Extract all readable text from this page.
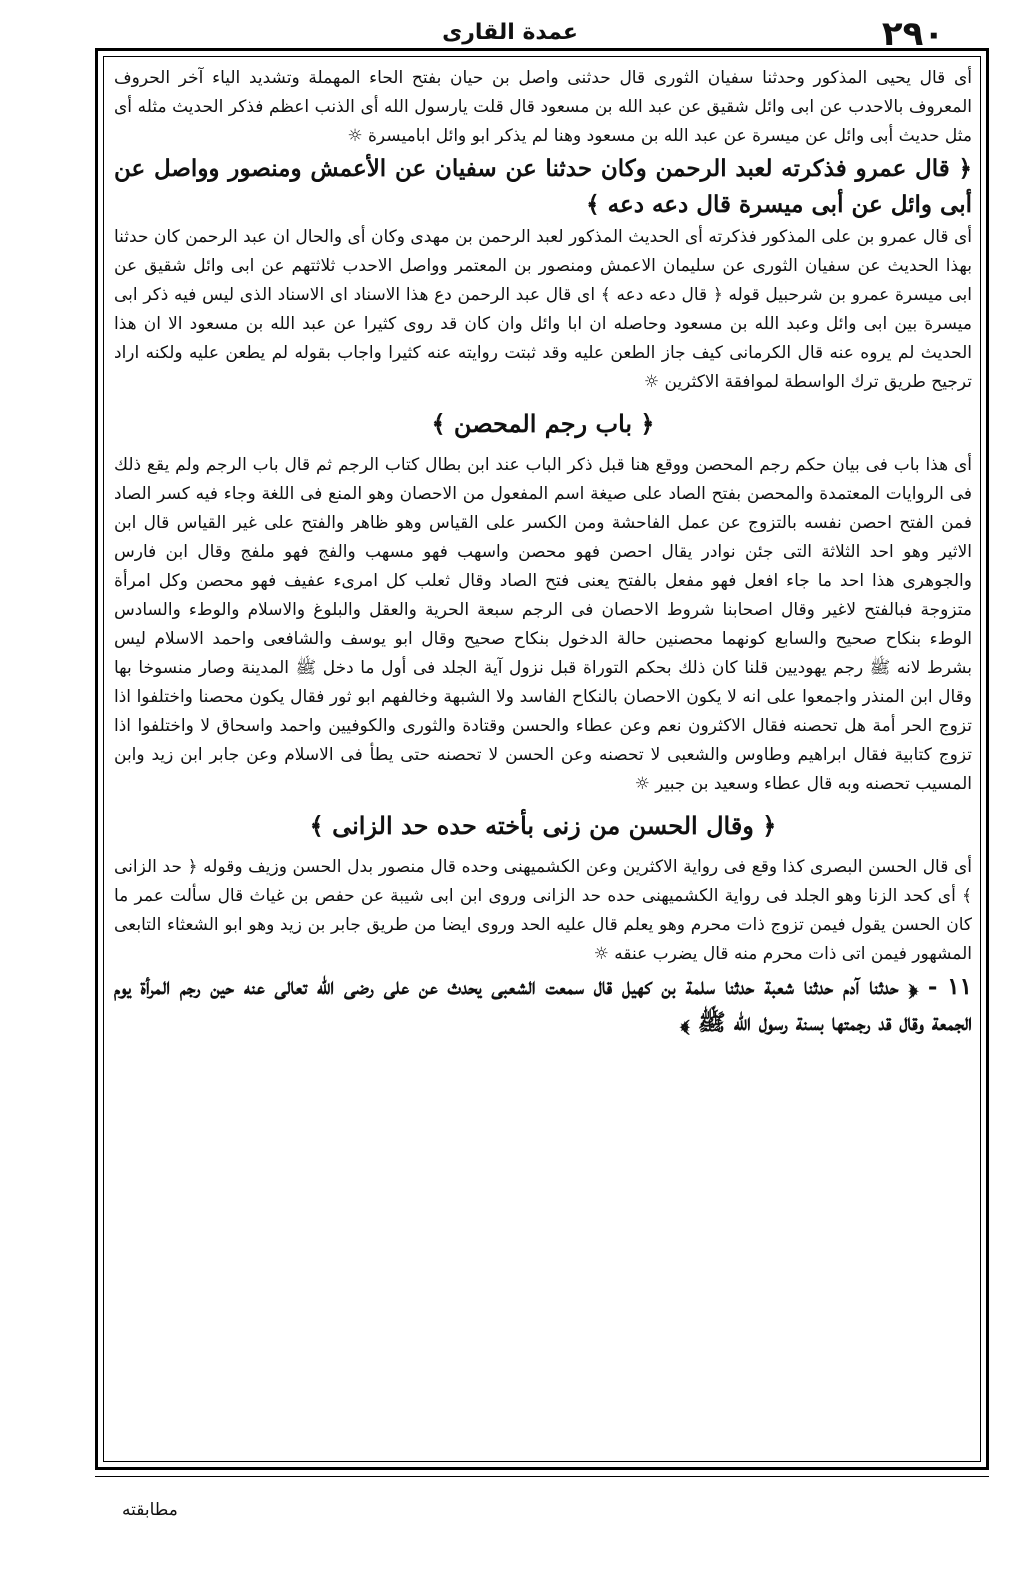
٢٩٠
عمدة القارى

أى قال يحيى المذكور وحدثنا سفيان الثورى قال حدثنى واصل بن حيان بفتح الحاء المهملة وتشديد الياء آخر الحروف المعروف بالاحدب عن ابى وائل شقيق عن عبد الله بن مسعود قال قلت يارسول الله أى الذنب اعظم فذكر الحديث مثله أى مثل حديث أبى وائل عن ميسرة عن عبد الله بن مسعود وهنا لم يذكر ابو وائل اباميسرة ☼

﴿ قال عمرو فذكرته لعبد الرحمن وكان حدثنا عن سفيان عن الأعمش ومنصور وواصل عن أبى وائل عن أبى ميسرة قال دعه دعه ﴾

أى قال عمرو بن على المذكور فذكرته أى الحديث المذكور لعبد الرحمن بن مهدى وكان أى والحال ان عبد الرحمن كان حدثنا بهذا الحديث عن سفيان الثورى عن سليمان الاعمش ومنصور بن المعتمر وواصل الاحدب ثلاثتهم عن ابى وائل شقيق عن ابى ميسرة عمرو بن شرحبيل قوله ﴿ قال دعه دعه ﴾ اى قال عبد الرحمن دع هذا الاسناد اى الاسناد الذى ليس فيه ذكر ابى ميسرة بين ابى وائل وعبد الله بن مسعود وحاصله ان ابا وائل وان كان قد روى كثيرا عن عبد الله بن مسعود الا ان هذا الحديث لم يروه عنه قال الكرمانى كيف جاز الطعن عليه وقد ثبتت روايته عنه كثيرا واجاب بقوله لم يطعن عليه ولكنه اراد ترجيح طريق ترك الواسطة لموافقة الاكثرين ☼

﴿ باب رجم المحصن ﴾

أى هذا باب فى بيان حكم رجم المحصن ووقع هنا قبل ذكر الباب عند ابن بطال كتاب الرجم ثم قال باب الرجم ولم يقع ذلك فى الروايات المعتمدة والمحصن بفتح الصاد على صيغة اسم المفعول من الاحصان وهو المنع فى اللغة وجاء فيه كسر الصاد فمن الفتح احصن نفسه بالتزوج عن عمل الفاحشة ومن الكسر على القياس وهو ظاهر والفتح على غير القياس قال ابن الاثير وهو احد الثلاثة التى جئن نوادر يقال احصن فهو محصن واسهب فهو مسهب والفج فهو ملفج وقال ابن فارس والجوهرى هذا احد ما جاء افعل فهو مفعل بالفتح يعنى فتح الصاد وقال ثعلب كل امرىء عفيف فهو محصن وكل امرأة متزوجة فبالفتح لاغير وقال اصحابنا شروط الاحصان فى الرجم سبعة الحرية والعقل والبلوغ والاسلام والوطء والسادس الوطء بنكاح صحيح والسابع كونهما محصنين حالة الدخول بنكاح صحيح وقال ابو يوسف والشافعى واحمد الاسلام ليس بشرط لانه ﷺ رجم يهوديين قلنا كان ذلك بحكم التوراة قبل نزول آية الجلد فى أول ما دخل ﷺ المدينة وصار منسوخا بها وقال ابن المنذر واجمعوا على انه لا يكون الاحصان بالنكاح الفاسد ولا الشبهة وخالفهم ابو ثور فقال يكون محصنا واختلفوا اذا تزوج الحر أمة هل تحصنه فقال الاكثرون نعم وعن عطاء والحسن وقتادة والثورى والكوفيين واحمد واسحاق لا واختلفوا اذا تزوج كتابية فقال ابراهيم وطاوس والشعبى لا تحصنه وعن الحسن لا تحصنه حتى يطأ فى الاسلام وعن جابر ابن زيد وابن المسيب تحصنه وبه قال عطاء وسعيد بن جبير ☼

﴿ وقال الحسن من زنى بأخته حده حد الزانى ﴾

أى قال الحسن البصرى كذا وقع فى رواية الاكثرين وعن الكشميهنى وحده قال منصور بدل الحسن وزيف وقوله ﴿ حد الزانى ﴾ أى كحد الزنا وهو الجلد فى رواية الكشميهنى حده حد الزانى وروى ابن ابى شيبة عن حفص بن غياث قال سألت عمر ما كان الحسن يقول فيمن تزوج ذات محرم وهو يعلم قال عليه الحد وروى ايضا من طريق جابر بن زيد وهو ابو الشعثاء التابعى المشهور فيمن اتى ذات محرم منه قال يضرب عنقه ☼

١١ - ﴿ حدثنا آدم حدثنا شعبة حدثنا سلمة بن كهيل قال سمعت الشعبى يحدث عن على رضى الله تعالى عنه حين رجم المرأة يوم الجمعة وقال قد رجمتها بسنة رسول الله ﷺ ﴾

مطابقته
